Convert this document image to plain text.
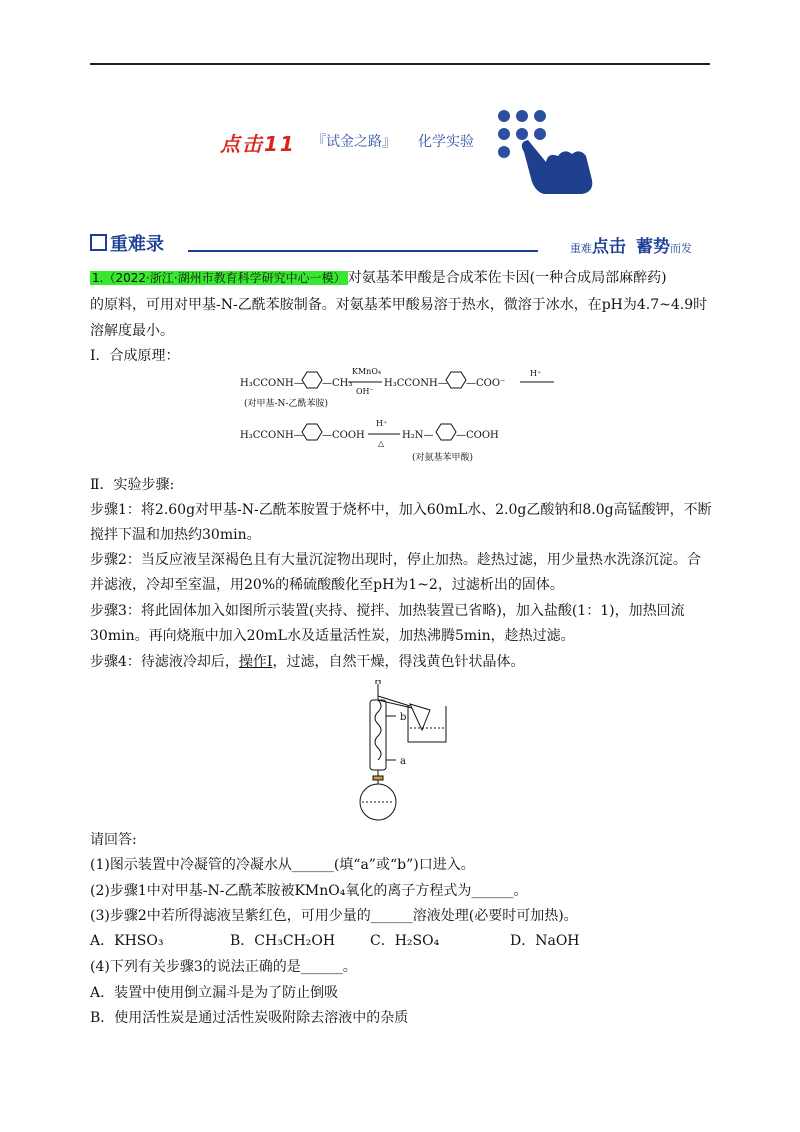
点击11 『试金之路』 化学实验
重难录	重难点击 蓄势而发
1.（2022·浙江·湖州市教育科学研究中心一模） 对氨基苯甲酸是合成苯佐卡因(一种合成局部麻醉药)
的原料，可用对甲基-N-乙酰苯胺制备。对氨基苯甲酸易溶于热水，微溶于冰水，在pH为4.7~4.9时
溶解度最小。
Ⅰ．合成原理：
H₃CCONH— —CH₃
KMnO₄
OH⁻
H₃CCONH— —COO⁻
H⁺
(对甲基-N-乙酰苯胺)
H₃CCONH— —COOH
H⁺
△
H₂N— —COOH
(对氨基苯甲酸)
Ⅱ．实验步骤:
步骤1：将2.60g对甲基-N-乙酰苯胺置于烧杯中，加入60mL水、2.0g乙酸钠和8.0g高锰酸钾，不断
搅拌下温和加热约30min。
步骤2：当反应液呈深褐色且有大量沉淀物出现时，停止加热。趁热过滤，用少量热水洗涤沉淀。合
并滤液，冷却至室温，用20%的稀硫酸酸化至pH为1~2，过滤析出的固体。
步骤3：将此固体加入如图所示装置(夹持、搅拌、加热装置已省略)，加入盐酸(1：1)，加热回流
30min。再向烧瓶中加入20mL水及适量活性炭，加热沸腾5min，趁热过滤。
步骤4：待滤液冷却后，操作Ⅰ，过滤，自然干燥，得浅黄色针状晶体。
b
a
请回答:
(1)图示装置中冷凝管的冷凝水从______(填“a”或“b”)口进入。
(2)步骤1中对甲基-N-乙酰苯胺被KMnO₄氧化的离子方程式为______。
(3)步骤2中若所得滤液呈紫红色，可用少量的______溶液处理(必要时可加热)。
A．KHSO₃	B．CH₃CH₂OH C．H₂SO₄	D．NaOH
(4)下列有关步骤3的说法正确的是______。
A．装置中使用倒立漏斗是为了防止倒吸
B．使用活性炭是通过活性炭吸附除去溶液中的杂质
